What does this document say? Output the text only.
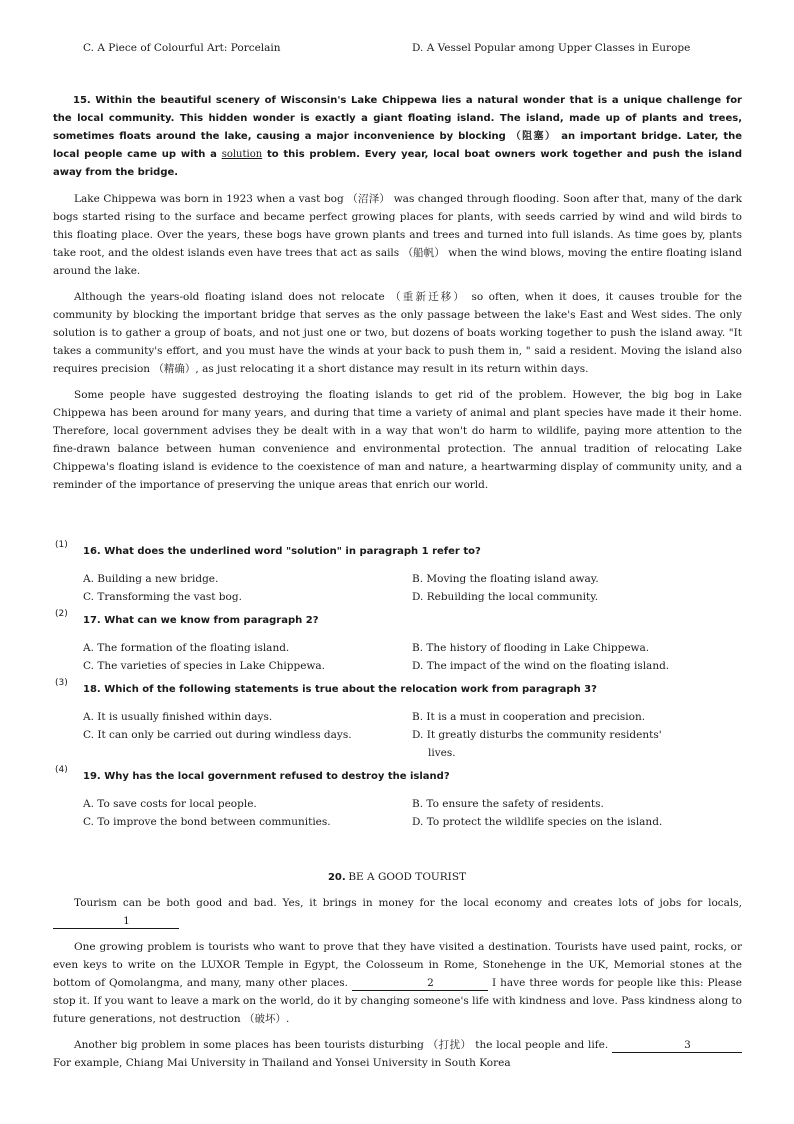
C. A Piece of Colourful Art: Porcelain	D. A Vessel Popular among Upper Classes in Europe

15. Within the beautiful scenery of Wisconsin's Lake Chippewa lies a natural wonder that is a unique challenge for the local community. This hidden wonder is exactly a giant floating island. The island, made up of plants and trees, sometimes floats around the lake, causing a major inconvenience by blocking （阻塞） an important bridge. Later, the local people came up with a solution to this problem. Every year, local boat owners work together and push the island away from the bridge.

Lake Chippewa was born in 1923 when a vast bog （沼泽） was changed through flooding. Soon after that, many of the dark bogs started rising to the surface and became perfect growing places for plants, with seeds carried by wind and wild birds to this floating place. Over the years, these bogs have grown plants and trees and turned into full islands. As time goes by, plants take root, and the oldest islands even have trees that act as sails （船帆） when the wind blows, moving the entire floating island around the lake.

Although the years-old floating island does not relocate （重新迁移） so often, when it does, it causes trouble for the community by blocking the important bridge that serves as the only passage between the lake's East and West sides. The only solution is to gather a group of boats, and not just one or two, but dozens of boats working together to push the island away. "It takes a community's effort, and you must have the winds at your back to push them in, " said a resident. Moving the island also requires precision （精确）, as just relocating it a short distance may result in its return within days.

Some people have suggested destroying the floating islands to get rid of the problem. However, the big bog in Lake Chippewa has been around for many years, and during that time a variety of animal and plant species have made it their home. Therefore, local government advises they be dealt with in a way that won't do harm to wildlife, paying more attention to the fine-drawn balance between human convenience and environmental protection. The annual tradition of relocating Lake Chippewa's floating island is evidence to the coexistence of man and nature, a heartwarming display of community unity, and a reminder of the importance of preserving the unique areas that enrich our world.

(1)
16. What does the underlined word "solution" in paragraph 1 refer to?
A. Building a new bridge.	B. Moving the floating island away.
C. Transforming the vast bog.	D. Rebuilding the local community.
(2)
17. What can we know from paragraph 2?
A. The formation of the floating island.	B. The history of flooding in Lake Chippewa.
C. The varieties of species in Lake Chippewa.	D. The impact of the wind on the floating island.
(3)
18. Which of the following statements is true about the relocation work from paragraph 3?
A. It is usually finished within days.	B. It is a must in cooperation and precision.
C. It can only be carried out during windless days.	D. It greatly disturbs the community residents'
lives.
(4)
19. Why has the local government refused to destroy the island?
A. To save costs for local people.	B. To ensure the safety of residents.
C. To improve the bond between communities.	D. To protect the wildlife species on the island.
20. BE A GOOD TOURIST

Tourism can be both good and bad. Yes, it brings in money for the local economy and creates lots of jobs for locals, 1

One growing problem is tourists who want to prove that they have visited a destination. Tourists have used paint, rocks, or even keys to write on the LUXOR Temple in Egypt, the Colosseum in Rome, Stonehenge in the UK, Memorial stones at the bottom of Qomolangma, and many, many other places.	2	I have three words for people like this: Please stop it. If you want to leave a mark on the world, do it by changing someone's life with kindness and love. Pass kindness along to future generations, not destruction （破坏）.

Another big problem in some places has been tourists disturbing （打扰） the local people and life.	3 For example, Chiang Mai University in Thailand and Yonsei University in South Korea
